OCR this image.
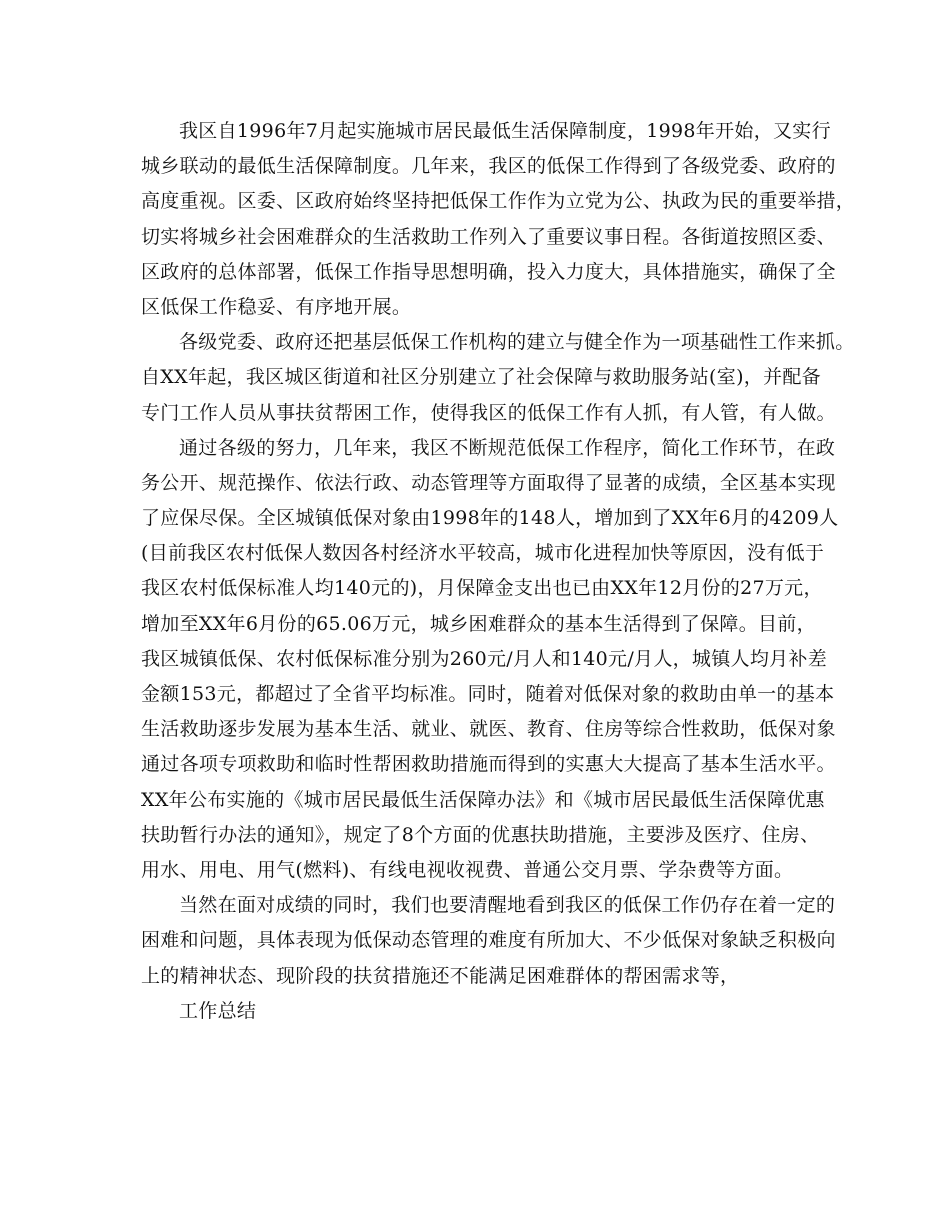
我区自1996年7月起实施城市居民最低生活保障制度，1998年开始，又实行
城乡联动的最低生活保障制度。几年来，我区的低保工作得到了各级党委、政府的
高度重视。区委、区政府始终坚持把低保工作作为立党为公、执政为民的重要举措，
切实将城乡社会困难群众的生活救助工作列入了重要议事日程。各街道按照区委、
区政府的总体部署，低保工作指导思想明确，投入力度大，具体措施实，确保了全
区低保工作稳妥、有序地开展。
各级党委、政府还把基层低保工作机构的建立与健全作为一项基础性工作来抓。
自XX年起，我区城区街道和社区分别建立了社会保障与救助服务站(室)，并配备
专门工作人员从事扶贫帮困工作，使得我区的低保工作有人抓，有人管，有人做。
通过各级的努力，几年来，我区不断规范低保工作程序，简化工作环节，在政
务公开、规范操作、依法行政、动态管理等方面取得了显著的成绩，全区基本实现
了应保尽保。全区城镇低保对象由1998年的148人，增加到了XX年6月的4209人
(目前我区农村低保人数因各村经济水平较高，城市化进程加快等原因，没有低于
我区农村低保标准人均140元的)，月保障金支出也已由XX年12月份的27万元，
增加至XX年6月份的65.06万元，城乡困难群众的基本生活得到了保障。目前，
我区城镇低保、农村低保标准分别为260元/月人和140元/月人，城镇人均月补差
金额153元，都超过了全省平均标准。同时，随着对低保对象的救助由单一的基本
生活救助逐步发展为基本生活、就业、就医、教育、住房等综合性救助，低保对象
通过各项专项救助和临时性帮困救助措施而得到的实惠大大提高了基本生活水平。
XX年公布实施的《城市居民最低生活保障办法》和《城市居民最低生活保障优惠
扶助暂行办法的通知》，规定了8个方面的优惠扶助措施，主要涉及医疗、住房、
用水、用电、用气(燃料)、有线电视收视费、普通公交月票、学杂费等方面。
当然在面对成绩的同时，我们也要清醒地看到我区的低保工作仍存在着一定的
困难和问题，具体表现为低保动态管理的难度有所加大、不少低保对象缺乏积极向
上的精神状态、现阶段的扶贫措施还不能满足困难群体的帮困需求等，
工作总结
